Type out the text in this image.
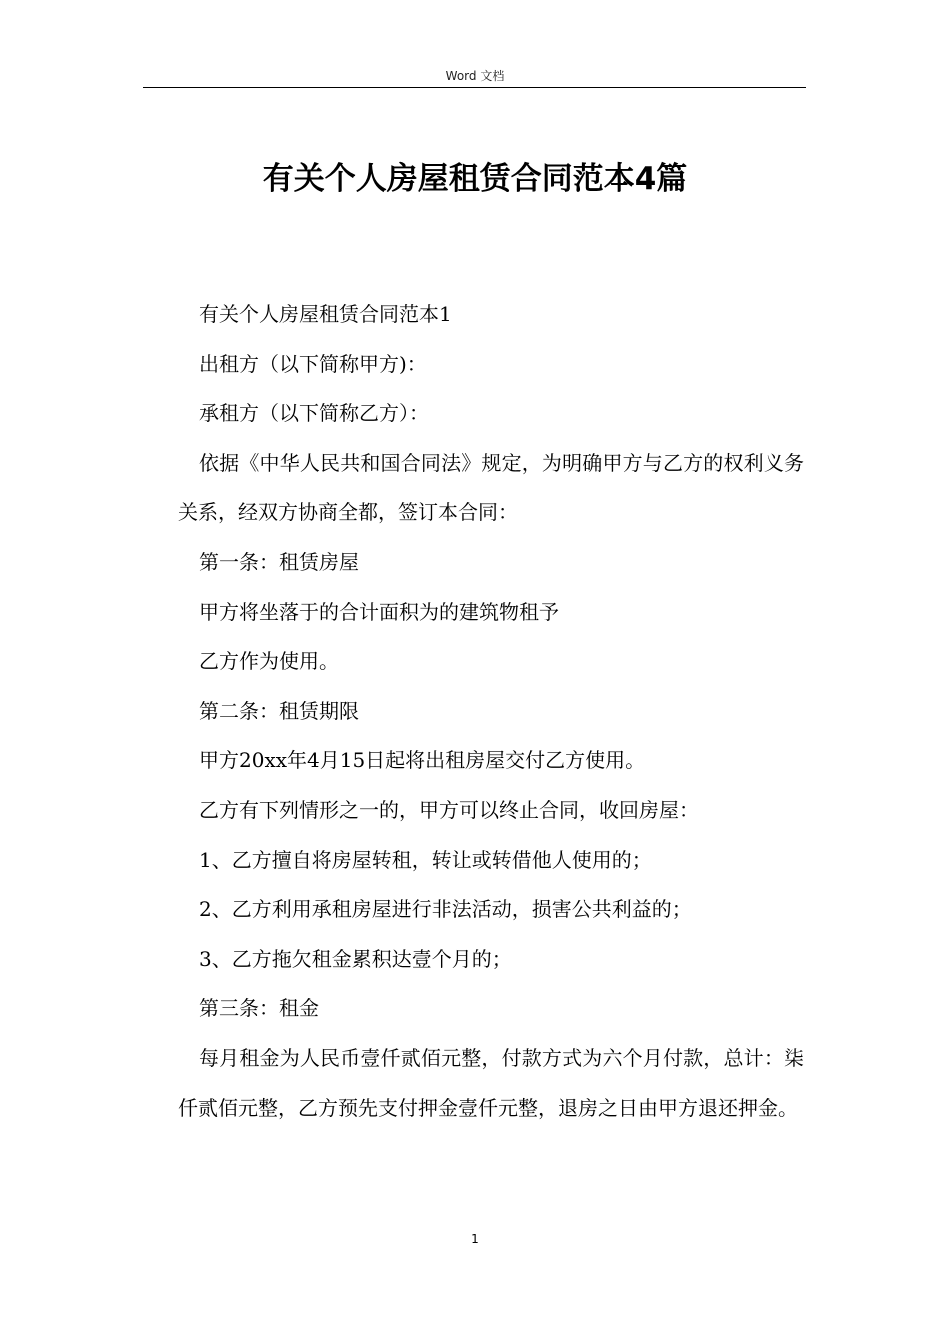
Word 文档
有关个人房屋租赁合同范本4篇

有关个人房屋租赁合同范本1

出租方（以下简称甲方)：

承租方（以下简称乙方）：

依据《中华人民共和国合同法》规定，为明确甲方与乙方的权利义务关系，经双方协商全都，签订本合同：

第一条：租赁房屋

甲方将坐落于的合计面积为的建筑物租予

乙方作为使用。

第二条：租赁期限

甲方20xx年4月15日起将出租房屋交付乙方使用。

乙方有下列情形之一的，甲方可以终止合同，收回房屋：

1、乙方擅自将房屋转租，转让或转借他人使用的；

2、乙方利用承租房屋进行非法活动，损害公共利益的；

3、乙方拖欠租金累积达壹个月的；

第三条：租金

每月租金为人民币壹仟贰佰元整，付款方式为六个月付款，总计：柒仟贰佰元整，乙方预先支付押金壹仟元整，退房之日由甲方退还押金。

1
